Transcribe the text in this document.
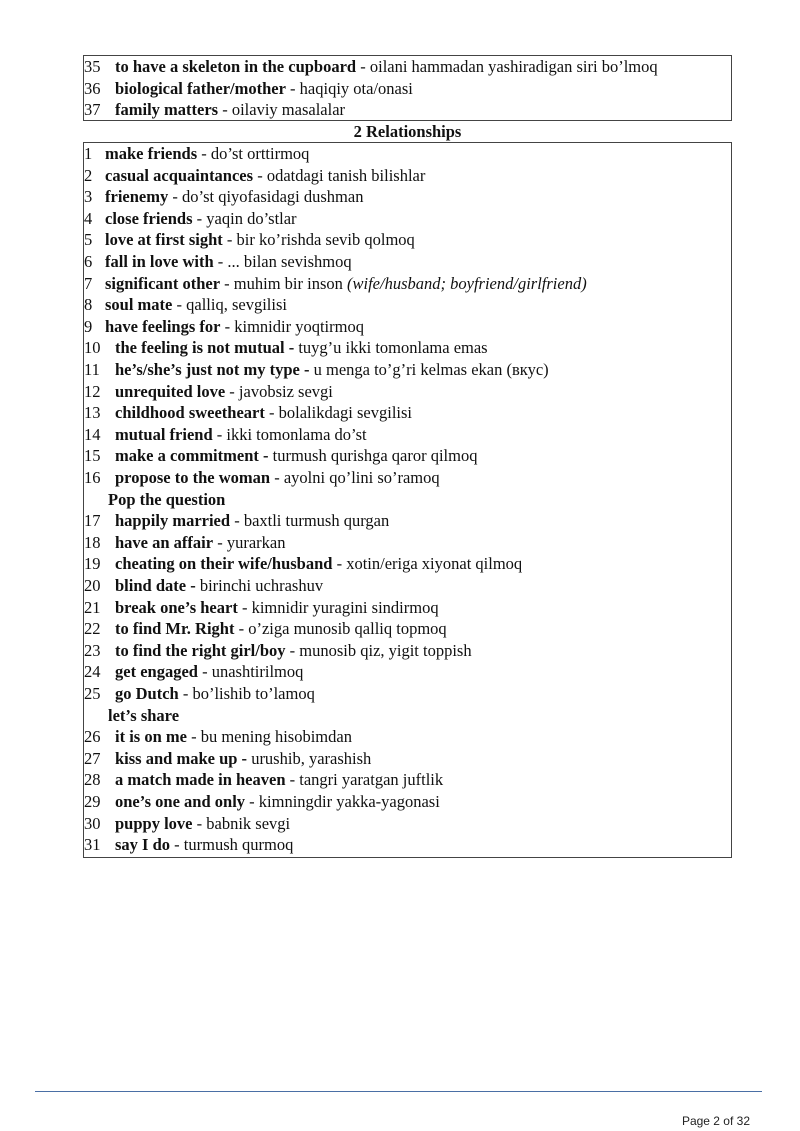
35 to have a skeleton in the cupboard - oilani hammadan yashiradigan siri bo’lmoq
36 biological father/mother - haqiqiy ota/onasi
37 family matters - oilaviy masalalar
2 Relationships
1 make friends - do’st orttirmoq
2 casual acquaintances - odatdagi tanish bilishlar
3 frienemy - do’st qiyofasidagi dushman
4 close friends - yaqin do’stlar
5 love at first sight - bir ko’rishda sevib qolmoq
6 fall in love with - ... bilan sevishmoq
7 significant other - muhim bir inson (wife/husband; boyfriend/girlfriend)
8 soul mate - qalliq, sevgilisi
9 have feelings for - kimnidir yoqtirmoq
10 the feeling is not mutual - tuyg’u ikki tomonlama emas
11 he’s/she’s just not my type - u menga to’g’ri kelmas ekan (вкус)
12 unrequited love - javobsiz sevgi
13 childhood sweetheart - bolalikdagi sevgilisi
14 mutual friend - ikki tomonlama do’st
15 make a commitment - turmush qurishga qaror qilmoq
16 propose to the woman - ayolni qo’lini so’ramoq
Pop the question
17 happily married - baxtli turmush qurgan
18 have an affair - yurarkan
19 cheating on their wife/husband - xotin/eriga xiyonat qilmoq
20 blind date - birinchi uchrashuv
21 break one’s heart - kimnidir yuragini sindirmoq
22 to find Mr. Right - o’ziga munosib qalliq topmoq
23 to find the right girl/boy - munosib qiz, yigit toppish
24 get engaged - unashtirilmoq
25 go Dutch - bo’lishib to’lamoq
let’s share
26 it is on me - bu mening hisobimdan
27 kiss and make up - urushib, yarashish
28 a match made in heaven - tangri yaratgan juftlik
29 one’s one and only - kimningdir yakka-yagonasi
30 puppy love - babnik sevgi
31 say I do - turmush qurmoq
Page 2 of 32
